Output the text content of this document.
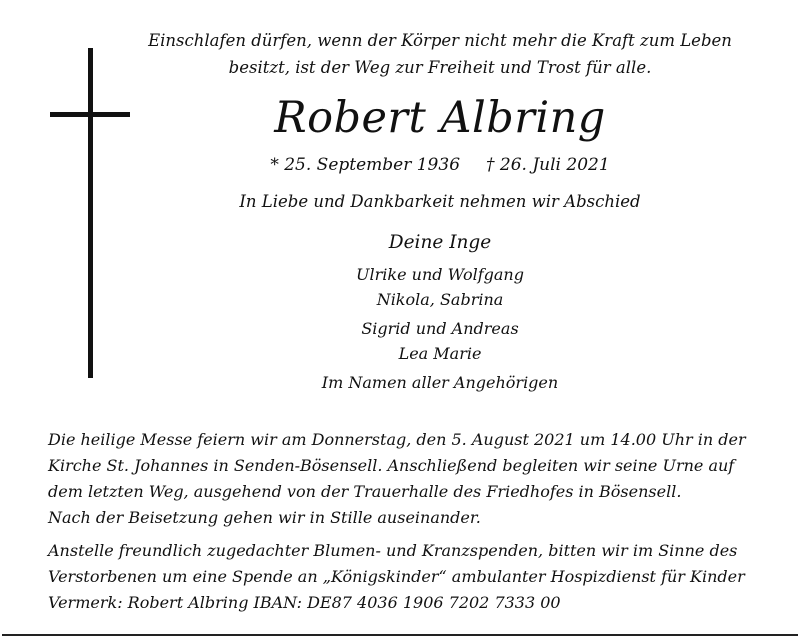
Einschlafen dürfen, wenn der Körper nicht mehr die Kraft zum Leben
besitzt, ist der Weg zur Freiheit und Trost für alle.
Robert Albring
* 25. September 1936 † 26. Juli 2021
In Liebe und Dankbarkeit nehmen wir Abschied
Deine Inge
Ulrike und Wolfgang
Nikola, Sabrina
Sigrid und Andreas
Lea Marie
Im Namen aller Angehörigen
Die heilige Messe feiern wir am Donnerstag, den 5. August 2021 um 14.00 Uhr in der
Kirche St. Johannes in Senden-Bösensell. Anschließend begleiten wir seine Urne auf
dem letzten Weg, ausgehend von der Trauerhalle des Friedhofes in Bösensell.
Nach der Beisetzung gehen wir in Stille auseinander.
Anstelle freundlich zugedachter Blumen- und Kranzspenden, bitten wir im Sinne des
Verstorbenen um eine Spende an „Königskinder“ ambulanter Hospizdienst für Kinder
Vermerk: Robert Albring IBAN: DE87 4036 1906 7202 7333 00
